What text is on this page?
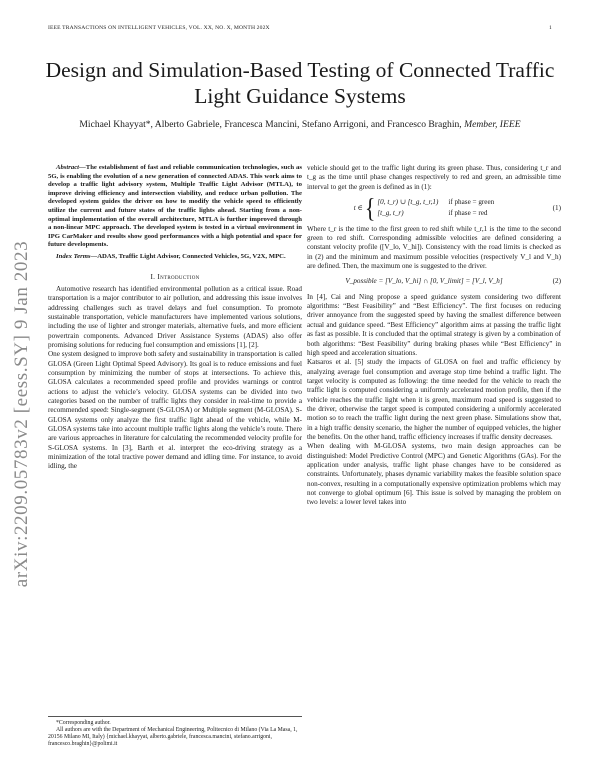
IEEE TRANSACTIONS ON INTELLIGENT VEHICLES, VOL. XX, NO. X, MONTH 202X	1
Design and Simulation-Based Testing of Connected Traffic Light Guidance Systems
Michael Khayyat*, Alberto Gabriele, Francesca Mancini, Stefano Arrigoni, and Francesco Braghin, Member, IEEE
arXiv:2209.05783v2 [eess.SY] 9 Jan 2023

Abstract—The establishment of fast and reliable communication technologies, such as 5G, is enabling the evolution of a new generation of connected ADAS. This work aims to develop a traffic light advisory system, Multiple Traffic Light Advisor (MTLA), to improve driving efficiency and intersection viability, and reduce urban pollution. The developed system guides the driver on how to modify the vehicle speed to efficiently utilize the current and future states of the traffic lights ahead. Starting from a non-optimal implementation of the overall architecture, MTLA is further improved through a non-linear MPC approach. The developed system is tested in a virtual environment in IPG CarMaker and results show good performances with a high potential and space for future developments.

Index Terms—ADAS, Traffic Light Advisor, Connected Vehicles, 5G, V2X, MPC.

I. Introduction

Automotive research has identified environmental pollution as a critical issue. Road transportation is a major contributor to air pollution, and addressing this issue involves addressing challenges such as travel delays and fuel consumption. To promote sustainable transportation, vehicle manufacturers have implemented various solutions, including the use of lighter and stronger materials, alternative fuels, and more efficient powertrain components. Advanced Driver Assistance Systems (ADAS) also offer promising solutions for reducing fuel consumption and emissions [1], [2].

One system designed to improve both safety and sustainability in transportation is called GLOSA (Green Light Optimal Speed Advisory). Its goal is to reduce emissions and fuel consumption by minimizing the number of stops at intersections. To achieve this, GLOSA calculates a recommended speed profile and provides warnings or control actions to adjust the vehicle’s velocity. GLOSA systems can be divided into two categories based on the number of traffic lights they consider in real-time to provide a recommended speed: Single-segment (S-GLOSA) or Multiple segment (M-GLOSA). S-GLOSA systems only analyze the first traffic light ahead of the vehicle, while M-GLOSA systems take into account multiple traffic lights along the vehicle’s route. There are various approaches in literature for calculating the recommended velocity profile for S-GLOSA systems. In [3], Barth et al. interpret the eco-driving strategy as a minimization of the total tractive power demand and idling time. For instance, to avoid idling, the

*Corresponding author.

All authors are with the Department of Mechanical Engineering, Politecnico di Milano (Via La Masa, 1, 20156 Milano MI, Italy) {michael.khayyat, alberto.gabriele, francesca.mancini, stefano.arrigoni, francesco.braghin}@polimi.it

vehicle should get to the traffic light during its green phase. Thus, considering t_r and t_g as the time until phase changes respectively to red and green, an admissible time interval to get the green is defined as in (1):

t ∈ { [0, t_r) ∪ [t_g, t_r,1) if phase = green
[t_g, t_r)	if phase = red
(1)

Where t_r is the time to the first green to red shift while t_r,1 is the time to the second green to red shift. Corresponding admissible velocities are defined considering a constant velocity profile ([V_lo, V_hi]). Consistency with the road limits is checked as in (2) and the minimum and maximum possible velocities (respectively V_l and V_h) are defined. Then, the maximum one is suggested to the driver.

V_possible = [V_lo, V_hi] ∩ [0, V_limit] = [V_l, V_h]	(2)

In [4], Cai and Ning propose a speed guidance system considering two different algorithms: “Best Feasibility” and “Best Efficiency”. The first focuses on reducing driver annoyance from the suggested speed by having the smallest difference between actual and guidance speed. “Best Efficiency” algorithm aims at passing the traffic light as fast as possible. It is concluded that the optimal strategy is given by a combination of both algorithms: “Best Feasibility” during braking phases while “Best Efficiency” in high speed and acceleration situations.

Katsaros et al. [5] study the impacts of GLOSA on fuel and traffic efficiency by analyzing average fuel consumption and average stop time behind a traffic light. The target velocity is computed as following: the time needed for the vehicle to reach the traffic light is computed considering a uniformly accelerated motion profile, then if the vehicle reaches the traffic light when it is green, maximum road speed is suggested to the driver, otherwise the target speed is computed considering a uniformly accelerated motion so to reach the traffic light during the next green phase. Simulations show that, in a high traffic density scenario, the higher the number of equipped vehicles, the higher the benefits. On the other hand, traffic efficiency increases if traffic density decreases.

When dealing with M-GLOSA systems, two main design approaches can be distinguished: Model Predictive Control (MPC) and Genetic Algorithms (GAs). For the application under analysis, traffic light phase changes have to be considered as constraints. Unfortunately, phases dynamic variability makes the feasible solution space non-convex, resulting in a computationally expensive optimization problems which may not converge to global optimum [6]. This issue is solved by managing the problem on two levels: a lower level takes into
